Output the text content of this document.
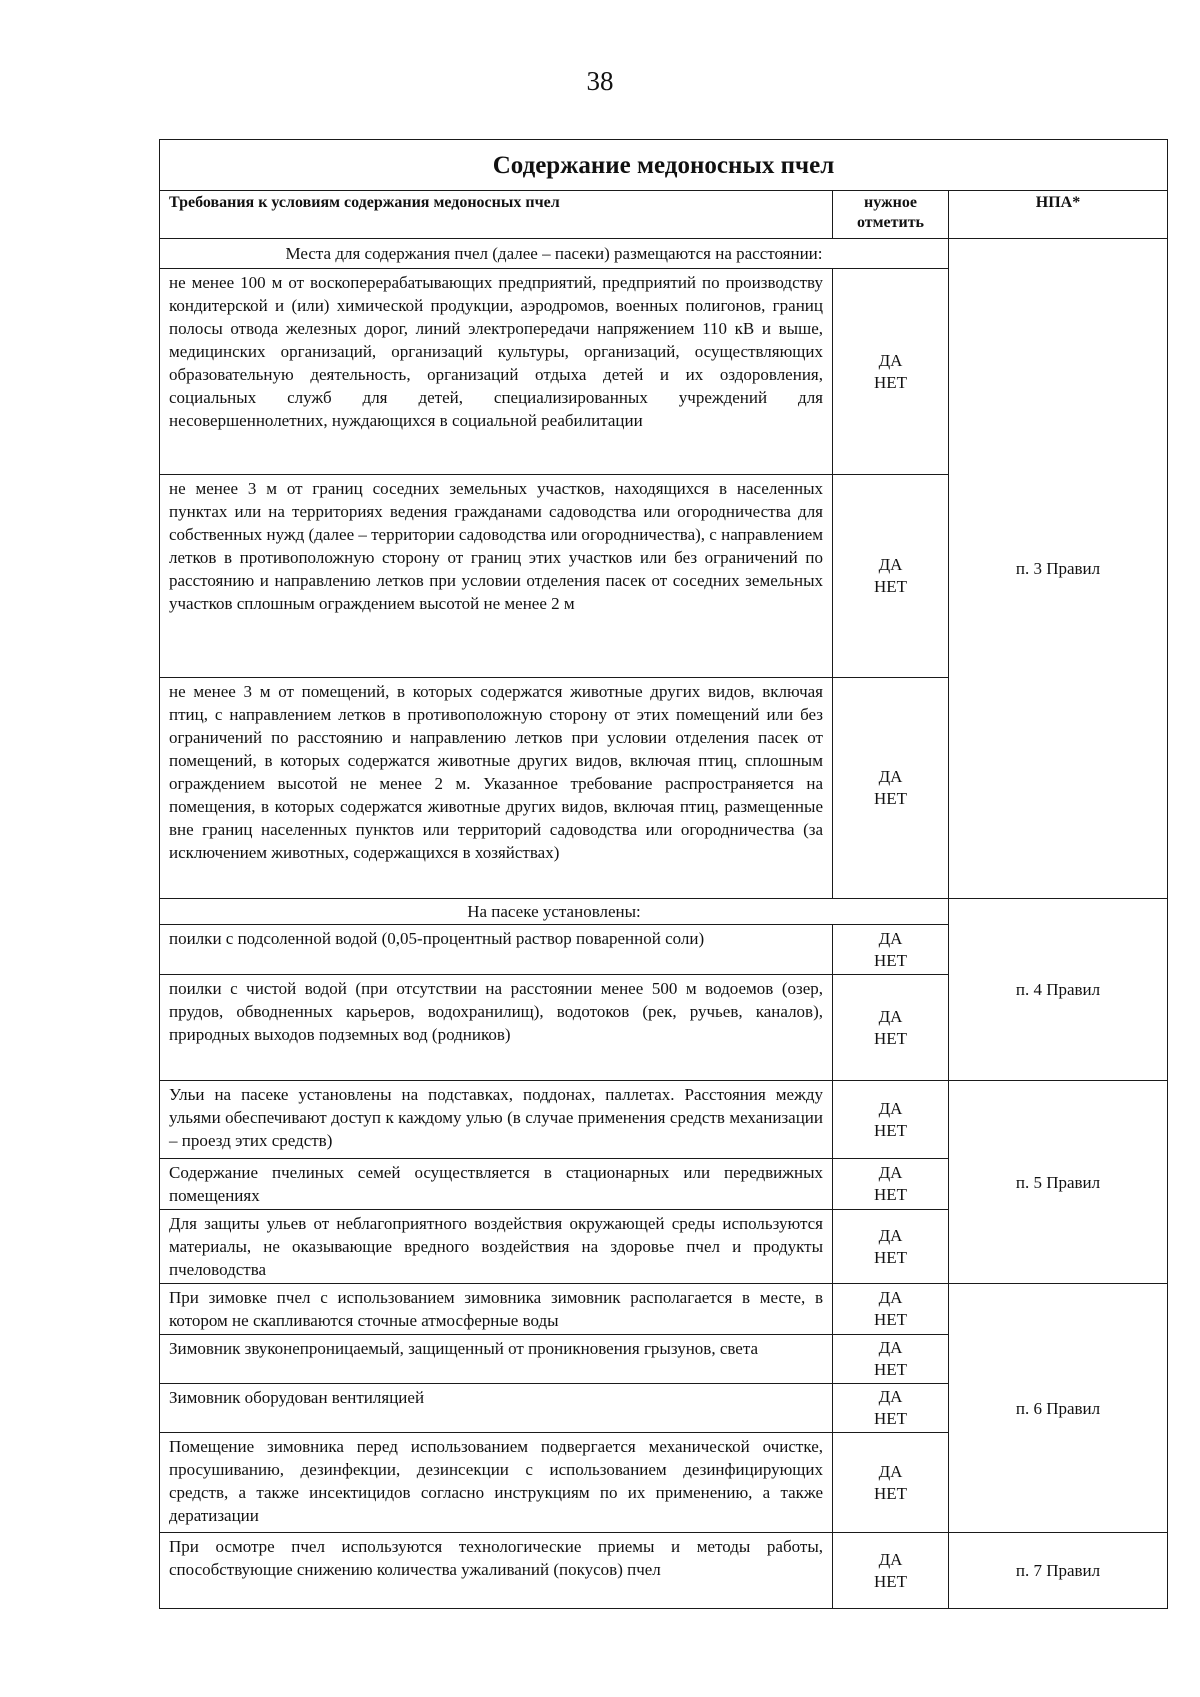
38
Содержание медоносных пчел		
Требования к условиям содержания медоносных пчел	нужное отметить	НПА*
Места для содержания пчел (далее – пасеки) размещаются на расстоянии:		п. 3 Правил
не менее 100 м от воскоперерабатывающих предприятий, предприятий по производству кондитерской и (или) химической продукции, аэродромов, военных полигонов, границ полосы отвода железных дорог, линий электропередачи напряжением 110 кВ и выше, медицинских организаций, организаций культуры, организаций, осуществляющих образовательную деятельность, организаций отдыха детей и их оздоровления, социальных служб для детей, специализированных учреждений для несовершеннолетних, нуждающихся в социальной реабилитации	ДА
НЕТ	

не менее 3 м от границ соседних земельных участков, находящихся в населенных пунктах или на территориях ведения гражданами садоводства или огородничества для собственных нужд (далее – территории садоводства или огородничества), с направлением летков в противоположную сторону от границ этих участков или без ограничений по расстоянию и направлению летков при условии отделения пасек от соседних земельных участков сплошным ограждением высотой не менее 2 м	ДА
НЕТ	

не менее 3 м от помещений, в которых содержатся животные других видов, включая птиц, с направлением летков в противоположную сторону от этих помещений или без ограничений по расстоянию и направлению летков при условии отделения пасек от помещений, в которых содержатся животные других видов, включая птиц, сплошным ограждением высотой не менее 2 м. Указанное требование распространяется на помещения, в которых содержатся животные других видов, включая птиц, размещенные вне границ населенных пунктов или территорий садоводства или огородничества (за исключением животных, содержащихся в хозяйствах)	ДА
НЕТ	

На пасеке установлены:		п. 4 Правил
поилки с подсоленной водой (0,05-процентный раствор поваренной соли)	ДА
НЕТ	

поилки с чистой водой (при отсутствии на расстоянии менее 500 м водоемов (озер, прудов, обводненных карьеров, водохранилищ), водотоков (рек, ручьев, каналов), природных выходов подземных вод (родников)	ДА
НЕТ	

Ульи на пасеке установлены на подставках, поддонах, паллетах. Расстояния между ульями обеспечивают доступ к каждому улью (в случае применения средств механизации – проезд этих средств)	ДА
НЕТ	п. 5 Правил
Содержание пчелиных семей осуществляется в стационарных или передвижных помещениях	ДА
НЕТ	

Для защиты ульев от неблагоприятного воздействия окружающей среды используются материалы, не оказывающие вредного воздействия на здоровье пчел и продукты пчеловодства	ДА
НЕТ	

При зимовке пчел с использованием зимовника зимовник располагается в месте, в котором не скапливаются сточные атмосферные воды	ДА
НЕТ	п. 6 Правил
Зимовник звуконепроницаемый, защищенный от проникновения грызунов, света	ДА
НЕТ	

Зимовник оборудован вентиляцией	ДА
НЕТ	

Помещение зимовника перед использованием подвергается механической очистке, просушиванию, дезинфекции, дезинсекции с использованием дезинфицирующих средств, а также инсектицидов согласно инструкциям по их применению, а также дератизации	ДА
НЕТ	

При осмотре пчел используются технологические приемы и методы работы, способствующие снижению количества ужаливаний (покусов) пчел	ДА
НЕТ	п. 7 Правил
